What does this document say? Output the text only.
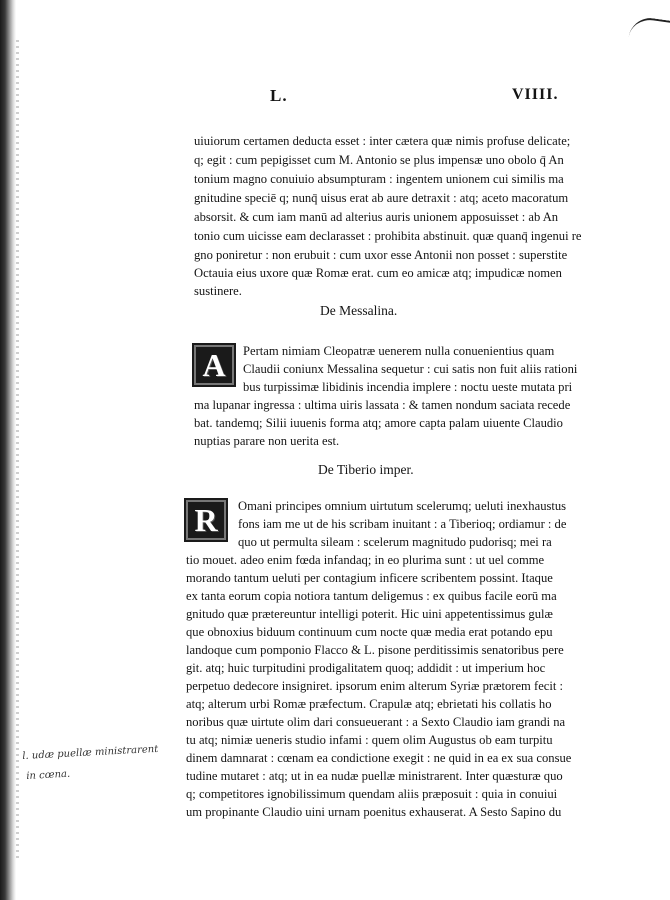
L.	VIIII.
uiuiorum certamen deducta esset : inter cætera quæ nimis profuse delicate;
q; egit : cum pepigisset cum M. Antonio se plus impensæ uno obolo q̄ An
tonium magno conuiuio absumpturam : ingentem unionem cui similis ma
gnitudine speciē q; nunq̄ uisus erat ab aure detraxit : atq; aceto macoratum
absorsit. & cum iam manū ad alterius auris unionem apposuisset : ab An
tonio cum uicisse eam declarasset : prohibita abstinuit. quæ quanq̄ ingenui re
gno poniretur : non erubuit : cum uxor esse Antonii non posset : superstite
Octauia eius uxore quæ Romæ erat. cum eo amicæ atq; impudicæ nomen
sustinere.
De Messalina.
A	Pertam nimiam Cleopatræ uenerem nulla conuenientius quam
Claudii coniunx Messalina sequetur : cui satis non fuit aliis rationi
bus turpissimæ libidinis incendia implere : noctu ueste mutata pri
ma lupanar ingressa : ultima uiris lassata : & tamen nondum saciata recede
bat. tandemq; Silii iuuenis forma atq; amore capta palam uiuente Claudio
nuptias parare non uerita est.
De Tiberio imper.
R	Omani principes omnium uirtutum scelerumq; ueluti inexhaustus
fons iam me ut de his scribam inuitant : a Tiberioq; ordiamur : de
quo ut permulta sileam : scelerum magnitudo pudorisq; mei ra
tio mouet. adeo enim fœda infandaq; in eo plurima sunt : ut uel comme
morando tantum ueluti per contagium inficere scribentem possint. Itaque
ex tanta eorum copia notiora tantum deligemus : ex quibus facile eorū ma
gnitudo quæ prætereuntur intelligi poterit. Hic uini appetentissimus gulæ
que obnoxius biduum continuum cum nocte quæ media erat potando epu
landoque cum pomponio Flacco & L. pisone perditissimis senatoribus pere
git. atq; huic turpitudini prodigalitatem quoq; addidit : ut imperium hoc
perpetuo dedecore insigniret. ipsorum enim alterum Syriæ prætorem fecit :
atq; alterum urbi Romæ præfectum. Crapulæ atq; ebrietati his collatis ho
noribus quæ uirtute olim dari consueuerant : a Sexto Claudio iam grandi na
tu atq; nimiæ ueneris studio infami : quem olim Augustus ob eam turpitu
dinem damnarat : cœnam ea condictione exegit : ne quid in ea ex sua consue
tudine mutaret : atq; ut in ea nudæ puellæ ministrarent. Inter quæsturæ quo
q; competitores ignobilissimum quendam aliis præposuit : quia in conuiui
um propinante Claudio uini urnam poenitus exhauserat. A Sesto Sapino du
l. udæ puellæ ministrarent
in cœna.
